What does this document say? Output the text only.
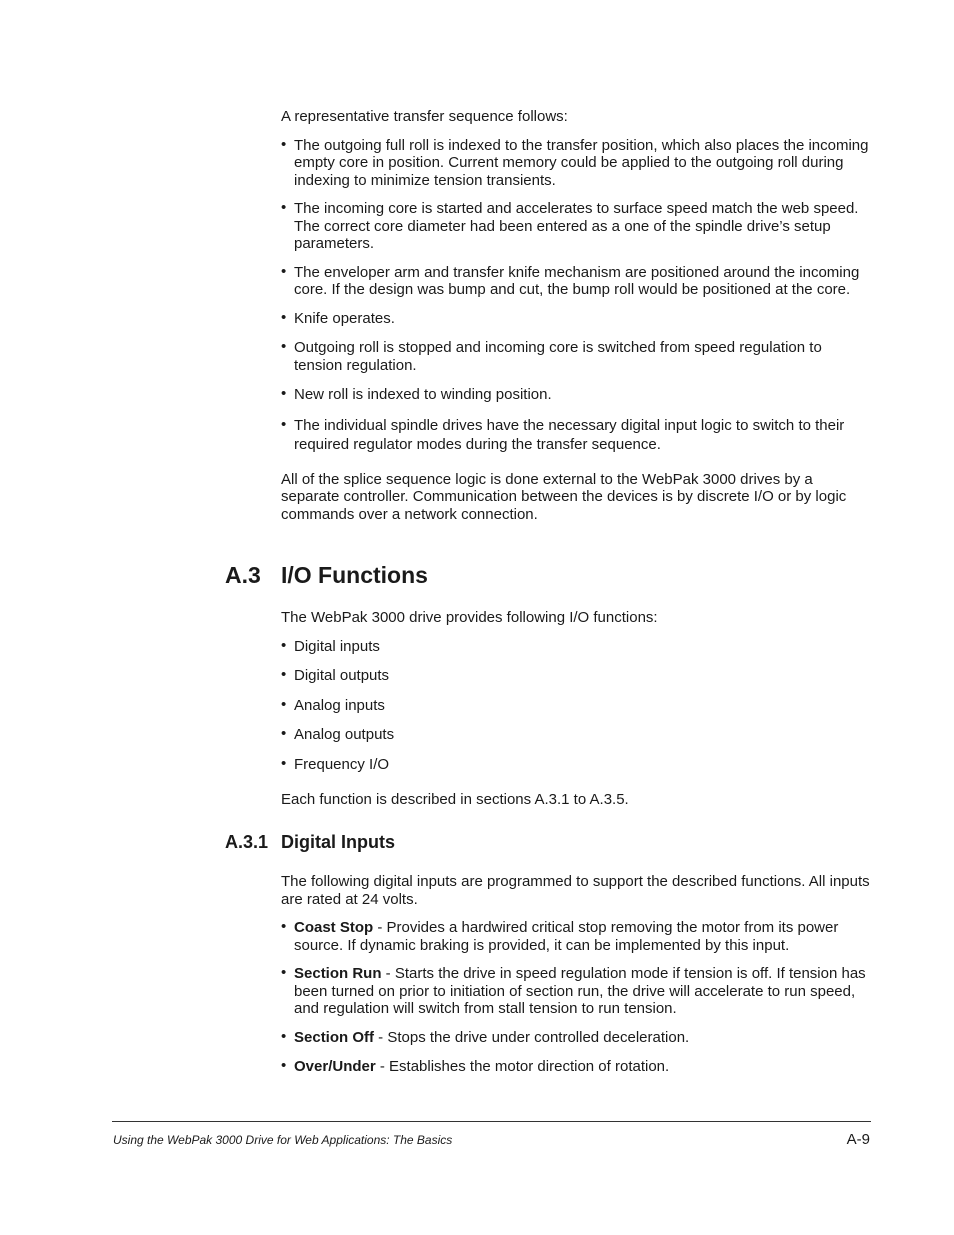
A representative transfer sequence follows:

• The outgoing full roll is indexed to the transfer position, which also places the incoming empty core in position. Current memory could be applied to the outgoing roll during indexing to minimize tension transients.
• The incoming core is started and accelerates to surface speed match the web speed. The correct core diameter had been entered as a one of the spindle drive’s setup parameters.
• The enveloper arm and transfer knife mechanism are positioned around the incoming core. If the design was bump and cut, the bump roll would be positioned at the core.
• Knife operates.
• Outgoing roll is stopped and incoming core is switched from speed regulation to tension regulation.
• New roll is indexed to winding position.
• The individual spindle drives have the necessary digital input logic to switch to their required regulator modes during the transfer sequence.

All of the splice sequence logic is done external to the WebPak 3000 drives by a separate controller. Communication between the devices is by discrete I/O or by logic commands over a network connection.

A.3 I/O Functions

The WebPak 3000 drive provides following I/O functions:

• Digital inputs
• Digital outputs
• Analog inputs
• Analog outputs
• Frequency I/O

Each function is described in sections A.3.1 to A.3.5.

A.3.1 Digital Inputs

The following digital inputs are programmed to support the described functions. All inputs are rated at 24 volts.

• Coast Stop - Provides a hardwired critical stop removing the motor from its power source. If dynamic braking is provided, it can be implemented by this input.
• Section Run - Starts the drive in speed regulation mode if tension is off. If tension has been turned on prior to initiation of section run, the drive will accelerate to run speed, and regulation will switch from stall tension to run tension.
• Section Off - Stops the drive under controlled deceleration.
• Over/Under - Establishes the motor direction of rotation.
Using the WebPak 3000 Drive for Web Applications: The Basics	A-9
